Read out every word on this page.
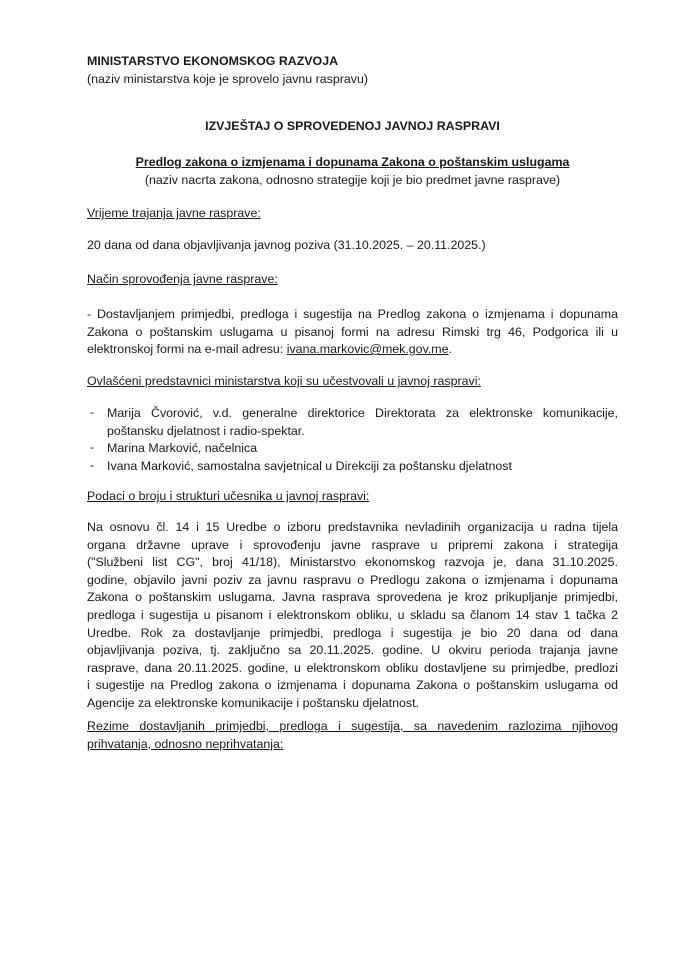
MINISTARSTVO EKONOMSKOG RAZVOJA
(naziv ministarstva koje je sprovelo javnu raspravu)
IZVJEŠTAJ O SPROVEDENOJ JAVNOJ RASPRAVI
Predlog zakona o izmjenama i dopunama Zakona o poštanskim uslugama
(naziv nacrta zakona, odnosno strategije koji je bio predmet javne rasprave)
Vrijeme trajanja javne rasprave:
20 dana od dana objavljivanja javnog poziva (31.10.2025. – 20.11.2025.)
Način sprovođenja javne rasprave:
- Dostavljanjem primjedbi, predloga i sugestija na Predlog zakona o izmjenama i dopunama
Zakona o poštanskim uslugama u pisanoj formi na adresu Rimski trg 46, Podgorica ili u
elektronskoj formi na e-mail adresu: ivana.markovic@mek.gov.me.
Ovlašćeni predstavnici ministarstva koji su učestvovali u javnoj raspravi:
- Marija Čvorović, v.d. generalne direktorice Direktorata za elektronske komunikacije,
poštansku djelatnost i radio-spektar.
- Marina Marković, načelnica
- Ivana Marković, samostalna savjetnical u Direkciji za poštansku djelatnost
Podaci o broju i strukturi učesnika u javnoj raspravi:
Na osnovu čl. 14 i 15 Uredbe o izboru predstavnika nevladinih organizacija u radna tijela
organa državne uprave i sprovođenju javne rasprave u pripremi zakona i strategija
("Službeni list CG", broj 41/18), Ministarstvo ekonomskog razvoja je, dana 31.10.2025.
godine, objavilo javni poziv za javnu raspravu o Predlogu zakona o izmjenama i dopunama
Zakona o poštanskim uslugama. Javna rasprava sprovedena je kroz prikupljanje primjedbi,
predloga i sugestija u pisanom i elektronskom obliku, u skladu sa članom 14 stav 1 tačka 2
Uredbe. Rok za dostavljanje primjedbi, predloga i sugestija je bio 20 dana od dana
objavljivanja poziva, tj. zaključno sa 20.11.2025. godine. U okviru perioda trajanja javne
rasprave, dana 20.11.2025. godine, u elektronskom obliku dostavljene su primjedbe, predlozi
i sugestije na Predlog zakona o izmjenama i dopunama Zakona o poštanskim uslugama od
Agencije za elektronske komunikacije i poštansku djelatnost.
Rezime dostavljanih primjedbi, predloga i sugestija, sa navedenim razlozima njihovog
prihvatanja, odnosno neprihvatanja:
